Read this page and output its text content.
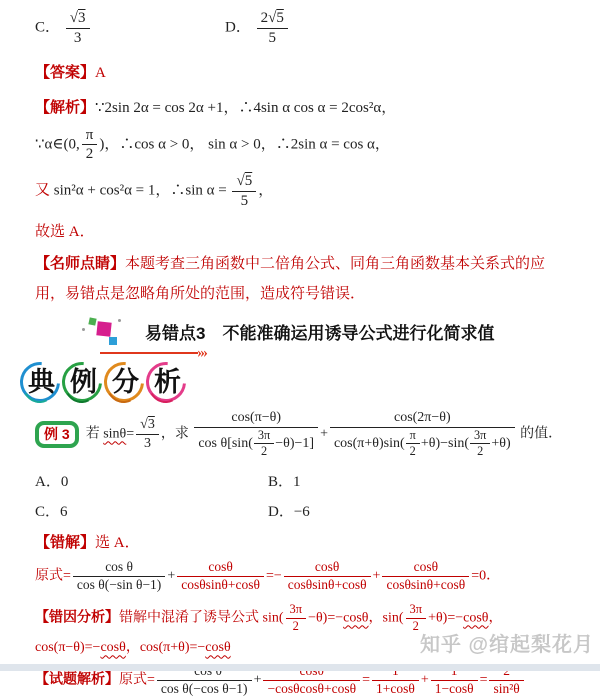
C． $\frac{√3}{3}$	D． $\frac{2√5}{5}$
【答案】A
【解析】∵2sin 2α = cos 2α +1，∴4sin α cos α = 2cos²α，
∵α∈(0, $\frac{\pi}{2}$ )，∴cos α > 0， sin α > 0，∴2sin α = cos α，
又 sin²α + cos²α = 1，∴sin $\alpha = \frac{√5}{5}$ ，
故选 A．
【名师点睛】本题考查三角函数中二倍角公式、同角三角函数基本关系式的应用，易错点是忽略角所处的范围，造成符号错误．
易错点3　不能准确运用诱导公式进行化简求值
›››
典 例 分 析
例 3	若 $\sin\theta= \frac{√3}{3}$ ，求 $\frac{\cos(\pi-\theta)}{\cos \theta[\sin( \frac{3\pi}{2} -\theta)-1]} + \frac{\cos(2\pi-\theta)}{\cos(\pi+\theta)\sin( \frac{\pi}{2} +\theta)-\sin( \frac{3\pi}{2} +\theta)}$ 的值．
A．0	B．1
C．6	D．−6
【错解】选 A．
原式= $\frac{\text{cos θ}}{\text{cos θ(−sin θ−1)}} + \frac{\cos\theta}{\cos\theta\sin\theta+\cos\theta} =- \frac{\cos\theta}{\cos\theta\sin\theta+\cos\theta} + \frac{\cos\theta}{\cos\theta\sin\theta+\cos\theta} =0$．
【错因分析】错解中混淆了诱导公式 $\sin( \frac{3\pi}{2} -\theta)=-\cos\theta$，$\sin( \frac{3\pi}{2} +\theta)=-\cos\theta$，cos(π−θ)=−cosθ，cos(π+θ)=−cosθ
【试题解析】原式=
cos θ(−cos θ−1)
+
−cosθcosθ+cosθ
=
1+cosθ
+
1−cosθ
=
sin²θ
知乎 @绾起梨花月
